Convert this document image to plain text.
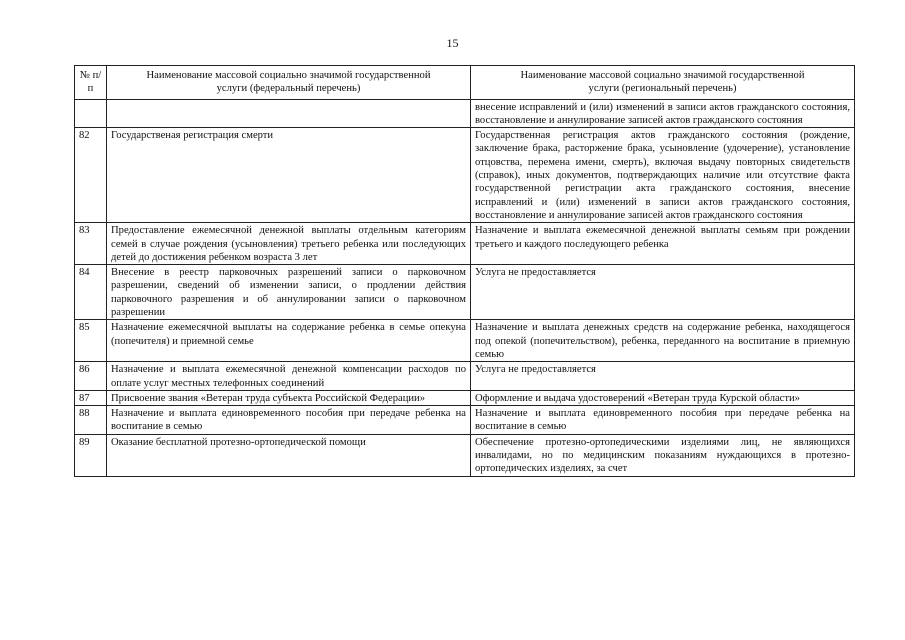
15
№ п/п	Наименование массовой социально значимой государственной услуги (федеральный перечень)	Наименование массовой социально значимой государственной услуги (региональный перечень)
		внесение исправлений и (или) изменений в записи актов гражданского состояния, восстановление и аннулирование записей актов гражданского состояния
82	Государственая регистрация смерти	Государственная регистрация актов гражданского состояния (рождение, заключение брака, расторжение брака, усыновление (удочерение), установление отцовства, перемена имени, смерть), включая выдачу повторных свидетельств (справок), иных документов, подтверждающих наличие или отсутствие факта государственной регистрации акта гражданского состояния, внесение исправлений и (или) изменений в записи актов гражданского состояния, восстановление и аннулирование записей актов гражданского состояния
83	Предоставление ежемесячной денежной выплаты отдельным категориям семей в случае рождения (усыновления) третьего ребенка или последующих детей до достижения ребенком возраста 3 лет	Назначение и выплата ежемесячной денежной выплаты семьям при рождении третьего и каждого последующего ребенка
84	Внесение в реестр парковочных разрешений записи о парковочном разрешении, сведений об изменении записи, о продлении действия парковочного разрешения и об аннулировании записи о парковочном разрешении	Услуга не предоставляется
85	Назначение ежемесячной выплаты на содержание ребенка в семье опекуна (попечителя) и приемной семье	Назначение и выплата денежных средств на содержание ребенка, находящегося под опекой (попечительством), ребенка, переданного на воспитание в приемную семью
86	Назначение и выплата ежемесячной денежной компенсации расходов по оплате услуг местных телефонных соединений	Услуга не предоставляется
87	Присвоение звания «Ветеран труда субъекта Российской Федерации»	Оформление и выдача удостоверений «Ветеран труда Курской области»
88	Назначение и выплата единовременного пособия при передаче ребенка на воспитание в семью	Назначение и выплата единовременного пособия при передаче ребенка на воспитание в семью
89	Оказание бесплатной протезно-ортопедической помощи	Обеспечение протезно-ортопедическими изделиями лиц, не являющихся инвалидами, но по медицинским показаниям нуждающихся в протезно-ортопедических изделиях, за счет
